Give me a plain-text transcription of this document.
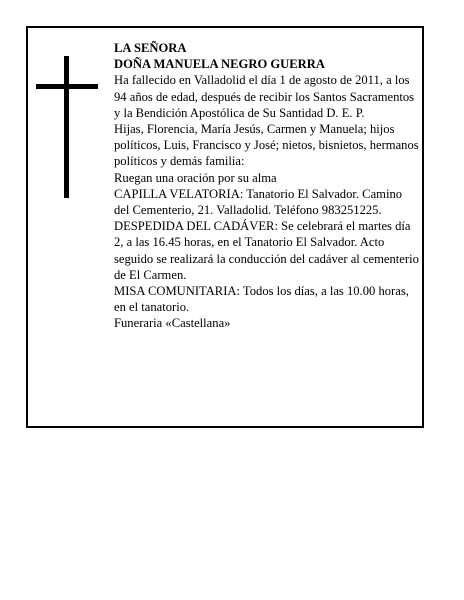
LA SEÑORA

DOÑA MANUELA NEGRO GUERRA

Ha fallecido en Valladolid el día 1 de agosto de 2011, a los 94 años de edad, después de recibir los Santos Sacramentos y la Bendición Apostólica de Su Santidad D. E. P.

Hijas, Florencia, María Jesús, Carmen y Manuela; hijos políticos, Luis, Francisco y José; nietos, bisnietos, hermanos políticos y demás familia:

Ruegan una oración por su alma

CAPILLA VELATORIA: Tanatorio El Salvador. Camino del Cementerio, 21. Valladolid. Teléfono 983251225.

DESPEDIDA DEL CADÁVER: Se celebrará el martes día 2, a las 16.45 horas, en el Tanatorio El Salvador. Acto seguido se realizará la conducción del cadáver al cementerio de El Carmen.

MISA COMUNITARIA: Todos los días, a las 10.00 horas, en el tanatorio.

Funeraria «Castellana»
